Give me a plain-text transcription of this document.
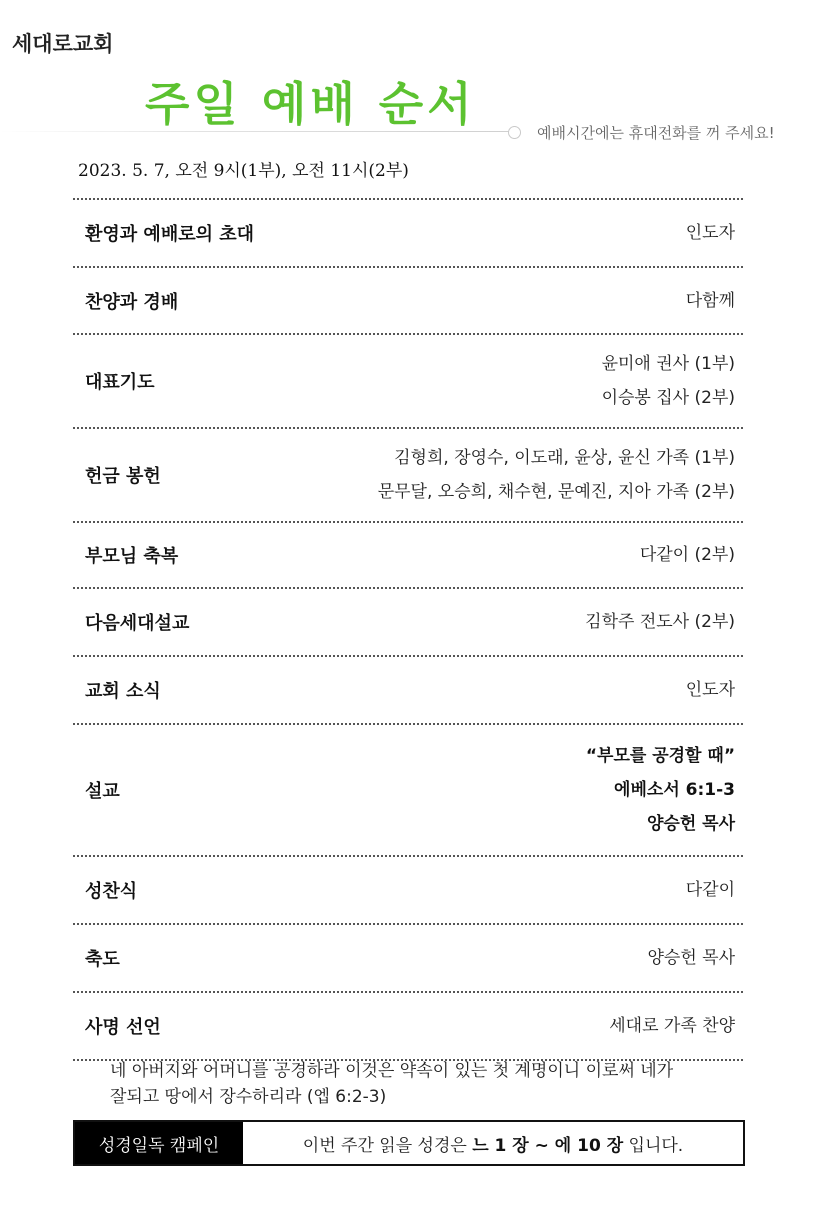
세대로교회
주일 예배 순서
예배시간에는 휴대전화를 꺼 주세요!
2023. 5. 7, 오전 9시(1부), 오전 11시(2부)
환영과 예배로의 초대	인도자
찬양과 경배	다함께
대표기도
윤미애 권사 (1부)
이승봉 집사 (2부)
헌금 봉헌
김형희, 장영수, 이도래, 윤상, 윤신 가족 (1부)
문무달, 오승희, 채수현, 문예진, 지아 가족 (2부)
부모님 축복	다같이 (2부)
다음세대설교	김학주 전도사 (2부)
교회 소식	인도자
설교
“부모를 공경할 때”
에베소서 6:1-3
양승헌 목사
성찬식	다같이
축도	양승헌 목사
사명 선언	세대로 가족 찬양
네 아버지와 어머니를 공경하라 이것은 약속이 있는 첫 계명이니 이로써 네가
잘되고 땅에서 장수하리라 (엡 6:2-3)
성경일독 캠페인	이번 주간 읽을 성경은 느 1 장 ~ 에 10 장 입니다.
